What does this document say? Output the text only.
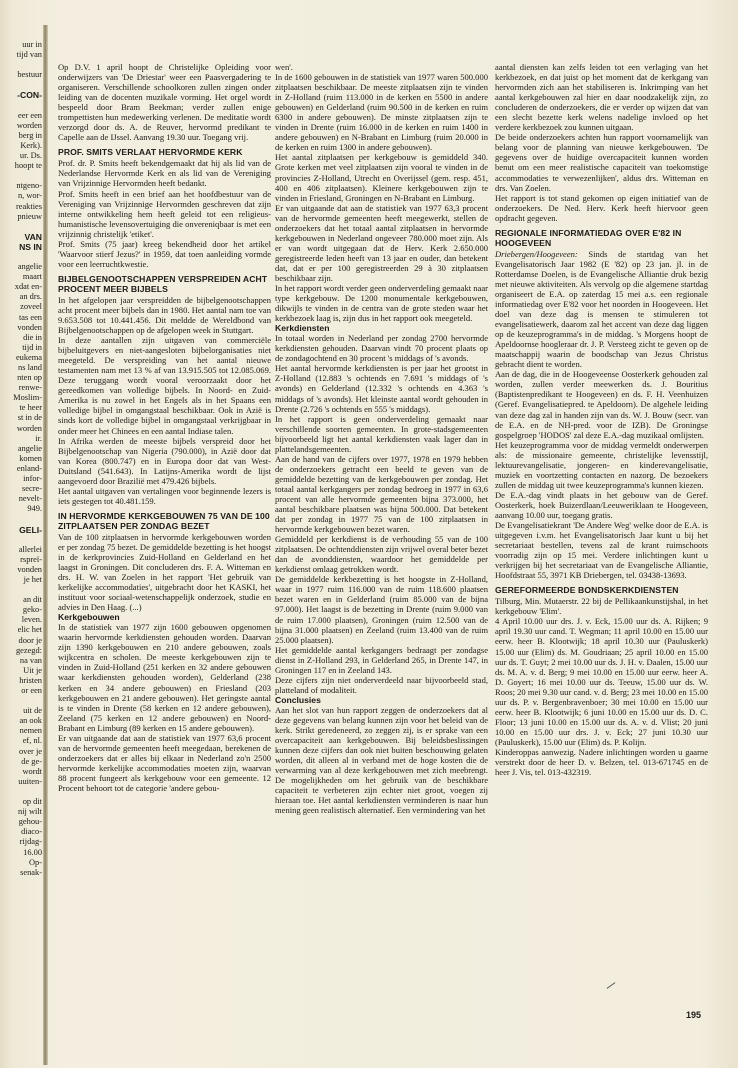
uur in
tijd van
bestuur
-CON-
eer een
worden
berg in
Kerk).
ur. Ds.
hoopt te
ntgeno-
n, wor-
reakties
pnieuw
VAN
NS IN
angelie
maart
xdat en-
an drs.
zoveel
tas een
vonden
die in
tijd in
eukema
ns land
nten op
renwe-
Moslim-
te heer
st in de
worden
ir.
angelie
komen
enland-
infor-
secre-
nevelt-
949.
GELI-
allerlei
rspreï-
vonden
je het
an dit
geko-
leven.
elic het
door je
gezegd:
na van
Uit je
hristen
or een
uit de
an ook
nemen
ef, nl.
over je
de ge-
wordt
uuiten-
op dit
nij wilt
gehou-
diaco-
rijdag-
16.00
Op-
senak-

Op D.V. 1 april hoopt de Christelijke Opleiding voor onderwijzers van 'De Driestar' weer een Paasvergadering te organiseren. Verschillende schoolkoren zullen zingen onder leiding van de docenten muzikale vorming. Het orgel wordt bespeeld door Bram Beekman; verder zullen enige trompettisten hun medewerking verlenen. De meditatie wordt verzorgd door ds. A. de Reuver, hervormd predikant te Capelle aan de IJssel. Aanvang 19.30 uur. Toegang vrij.

PROF. SMITS VERLAAT HERVORMDE KERK

Prof. dr. P. Smits heeft bekendgemaakt dat hij als lid van de Nederlandse Hervormde Kerk en als lid van de Vereniging van Vrijzinnige Hervormden heeft bedankt.

Prof. Smits heeft in een brief aan het hoofdbestuur van de Vereniging van Vrijzinnige Hervormden geschreven dat zijn interne ontwikkeling hem heeft geleid tot een religieus-humanistische levensovertuiging die onvereniqbaar is met een vrijzinnig christelijk 'etiket'.

Prof. Smits (75 jaar) kreeg bekendheid door het artikel 'Waarvoor stierf Jezus?' in 1959, dat toen aanleiding vormde voor een leerruchtkwestie.

BIJBELGENOOTSCHAPPEN VERSPREIDEN ACHT PROCENT MEER BIJBELS

In het afgelopen jaar verspreidden de bijbelgenootschappen acht procent meer bijbels dan in 1980. Het aantal nam toe van 9.653.508 tot 10.441.456. Dit meldde de Wereldbond van Bijbelgenootschappen op de afgelopen week in Stuttgart.

In deze aantallen zijn uitgaven van commerciële bijbeluitgevers en niet-aangesloten bijbelorganisaties niet meegeteld. De verspreiding van het aantal nieuwe testamenten nam met 13 % af van 13.915.505 tot 12.085.069. Deze teruggang wordt vooral veroorzaakt door het gereedkomen van volledige bijbels. In Noord- en Zuid-Amerika is nu zowel in het Engels als in het Spaans een volledige bijbel in omgangstaal beschikbaar. Ook in Azië is sinds kort de volledige bijbel in omgangstaal verkrijgbaar in onder meer het Chinees en een aantal Indiase talen.

In Afrika werden de meeste bijbels verspreid door het Bijbelgenootschap van Nigeria (790.000), in Azië door dat van Korea (800.747) en in Europa door dat van West-Duitsland (541.643). In Latijns-Amerika wordt de lijst aangevoerd door Brazilië met 479.426 bijbels.

Het aantal uitgaven van vertalingen voor beginnende lezers is iets gestegen tot 40.481.159.

IN HERVORMDE KERKGEBOUWEN 75 VAN DE 100 ZITPLAATSEN PER ZONDAG BEZET

Van de 100 zitplaatsen in hervormde kerkgebouwen worden er per zondag 75 bezet. De gemiddelde bezetting is het hoogst in de kerkprovincies Zuid-Holland en Gelderland en het laagst in Groningen. Dit concluderen drs. F. A. Witteman en drs. H. W. van Zoelen in het rapport 'Het gebruik van kerkelijke accommodaties', uitgebracht door het KASKI, het instituut voor sociaal-wetenschappelijk onderzoek, studie en advies in Den Haag. (...)

Kerkgebouwen

In de statistiek van 1977 zijn 1600 gebouwen opgenomen waarin hervormde kerkdiensten gehouden worden. Daarvan zijn 1390 kerkgebouwen en 210 andere gebouwen, zoals wijkcentra en scholen. De meeste kerkgebouwen zijn te vinden in Zuid-Holland (251 kerken en 32 andere gebouwen waar kerkdiensten gehouden worden), Gelderland (238 kerken en 34 andere gebouwen) en Friesland (203 kerkgebouwen en 21 andere gebouwen). Het geringste aantal is te vinden in Drente (58 kerken en 12 andere gebouwen), Zeeland (75 kerken en 12 andere gebouwen) en Noord-Brabant en Limburg (89 kerken en 15 andere gebouwen).

Er van uitgaande dat aan de statistiek van 1977 63,6 procent van de hervormde gemeenten heeft meegedaan, berekenen de onderzoekers dat er alles bij elkaar in Nederland zo'n 2500 hervormde kerkelijke accommodaties moeten zijn, waarvan 88 procent fungeert als kerkgebouw voor een gemeente. 12 Procent behoort tot de categorie 'andere gebou-

wen'.

In de 1600 gebouwen in de statistiek van 1977 waren 500.000 zitplaatsen beschikbaar. De meeste zitplaatsen zijn te vinden in Z-Holland (ruim 113.000 in de kerken en 5500 in andere gebouwen) en Gelderland (ruim 90.500 in de kerken en ruim 6300 in andere gebouwen). De minste zitplaatsen zijn te vinden in Drente (ruim 16.000 in de kerken en ruim 1400 in andere gebouwen) en N-Brabant en Limburg (ruim 20.000 in de kerken en ruim 1300 in andere gebouwen).

Het aantal zitplaatsen per kerkgebouw is gemiddeld 340. Grote kerken met veel zitplaatsen zijn vooral te vinden in de provincies Z-Holland, Utrecht en Overijssel (gem. resp. 451, 400 en 406 zitplaatsen). Kleinere kerkgebouwen zijn te vinden in Friesland, Groningen en N-Brabant en Limburg.

Er van uitgaande dat aan de statistiek van 1977 63,3 procent van de hervormde gemeenten heeft meegewerkt, stellen de onderzoekers dat het totaal aantal zitplaatsen in hervormde kerkgebouwen in Nederland ongeveer 780.000 moet zijn. Als er van wordt uitgegaan dat de Herv. Kerk 2.650.000 geregistreerde leden heeft van 13 jaar en ouder, dan betekent dat, dat er per 100 geregistreerden 29 à 30 zitplaatsen beschikbaar zijn.

In het rapport wordt verder geen onderverdeling gemaakt naar type kerkgebouw. De 1200 monumentale kerkgebouwen, dikwijls te vinden in de centra van de grote steden waar het kerkbezoek laag is, zijn dus in het rapport ook meegeteld.

Kerkdiensten

In totaal worden in Nederland per zondag 2700 hervormde kerkdiensten gehouden. Daarvan vindt 70 procent plaats op de zondagochtend en 30 procent 's middags of 's avonds.

Het aantal hervormde kerkdiensten is per jaar het grootst in Z-Holland (12.883 's ochtends en 7.691 's middags of 's avonds) en Gelderland (12.332 's ochtends en 4.363 's middags of 's avonds). Het kleinste aantal wordt gehouden in Drente (2.726 's ochtends en 555 's middags).

In het rapport is geen onderverdeling gemaakt naar verschillende soorten gemeenten. In grote-stadsgemeenten bijvoorbeeld ligt het aantal kerkdiensten vaak lager dan in plattelandsgemeenten.

Aan de hand van de cijfers over 1977, 1978 en 1979 hebben de onderzoekers getracht een beeld te geven van de gemiddelde bezetting van de kerkgebouwen per zondag. Het totaal aantal kerkgangers per zondag bedroeg in 1977 in 63,6 procent van alle hervormde gemeenten bijna 373.000, het aantal beschikbare plaatsen was bijna 500.000. Dat betekent dat per zondag in 1977 75 van de 100 zitplaatsen in hervormde kerkgebouwen bezet waren.

Gemiddeld per kerkdienst is de verhouding 55 van de 100 zitplaatsen. De ochtenddiensten zijn vrijwel overal beter bezet dan de avonddiensten, waardoor het gemiddelde per kerkdienst omlaag getrokken wordt.

De gemiddelde kerkbezetting is het hoogste in Z-Holland, waar in 1977 ruim 116.000 van de ruim 118.600 plaatsen bezet waren en in Gelderland (ruim 85.000 van de bijna 97.000). Het laagst is de bezetting in Drente (ruim 9.000 van de ruim 17.000 plaatsen), Groningen (ruim 12.500 van de bijna 31.000 plaatsen) en Zeeland (ruim 13.400 van de ruim 25.000 plaatsen).

Het gemiddelde aantal kerkgangers bedraagt per zondagse dienst in Z-Holland 293, in Gelderland 265, in Drente 147, in Groningen 117 en in Zeeland 143.

Deze cijfers zijn niet onderverdeeld naar bijvoorbeeld stad, platteland of modaliteit.

Conclusies

Aan het slot van hun rapport zeggen de onderzoekers dat al deze gegevens van belang kunnen zijn voor het beleid van de kerk. Strikt geredeneerd, zo zeggen zij, is er sprake van een overcapaciteit aan kerkgebouwen. Bij beleidsbeslissingen kunnen deze cijfers dan ook niet buiten beschouwing gelaten worden, dit alleen al in verband met de hoge kosten die de verwarming van al deze kerkgebouwen met zich meebrengt. De mogelijkheden om het gebruik van de beschikbare capaciteit te verbeteren zijn echter niet groot, voegen zij hieraan toe. Het aantal kerkdiensten verminderen is naar hun mening geen realistisch alternatief. Een vermindering van het

aantal diensten kan zelfs leiden tot een verlaging van het kerkbezoek, en dat juist op het moment dat de kerkgang van hervormden zich aan het stabiliseren is. Inkrimping van het aantal kerkgebouwen zal hier en daar noodzakelijk zijn, zo concluderen de onderzoekers, die er verder op wijzen dat van een slecht bezette kerk welens nadelige invloed op het verdere kerkbezoek zou kunnen uitgaan.

De beide onderzoekers achten hun rapport voornamelijk van belang voor de planning van nieuwe kerkgebouwen. 'De gegevens over de huidige overcapaciteit kunnen worden benut om een meer realistische capaciteit van toekomstige accommodaties te verwezenlijken', aldus drs. Witteman en drs. Van Zoelen.

Het rapport is tot stand gekomen op eigen initiatief van de onderzoekers. De Ned. Herv. Kerk heeft hiervoor geen opdracht gegeven.

REGIONALE INFORMATIEDAG OVER E'82 IN HOOGEVEEN

Driebergen/Hoogeveen: Sinds de startdag van het Evangelisatorisch Jaar 1982 (E '82) op 23 jan. jl. in de Rotterdamse Doelen, is de Evangelische Alliantie druk bezig met nieuwe aktiviteiten. Als vervolg op die algemene startdag organiseert de E.A. op zaterdag 15 mei a.s. een regionale informatiedag over E'82 voor het noorden in Hoogeveen. Het doel van deze dag is mensen te stimuleren tot evangelisatiewerk, daarom zal het accent van deze dag liggen op de keuzeprogramma's in de middag. 's Morgens hoopt de Apeldoornse hoogleraar dr. J. P. Versteeg zicht te geven op de maatschappij waarin de boodschap van Jezus Christus gebracht dient te worden.

Aan de dag, die in de Hoogeveense Oosterkerk gehouden zal worden, zullen verder meewerken ds. J. Bouritius (Baptistenpredikant te Hoogeveen) en ds. F. H. Veenhuizen (Geref. Evangelisatiepred. te Apeldoorn). De algehele leiding van deze dag zal in handen zijn van ds. W. J. Bouw (secr. van de E.A. en de NH-pred. voor de IZB). De Groningse gospelgroep 'HODOS' zal deze E.A.-dag muzikaal omlijsten.

Het keuzeprogramma voor de middag vermeldt onderwerpen als: de missionaire gemeente, christelijke levensstijl, lektuurevangelisatie, jongeren- en kinderevangelisatie, muziek en voortzetting contacten en nazorg. De bezoekers zullen de middag uit twee keuzeprogramma's kunnen kiezen.

De E.A.-dag vindt plaats in het gebouw van de Geref. Oosterkerk, hoek Buizerdlaan/Leeuweriklaan te Hoogeveen, aanvang 10.00 uur, toegang gratis.

De Evangelisatiekrant 'De Andere Weg' welke door de E.A. is uitgegeven i.v.m. het Evangelisatorisch Jaar kunt u bij het secretariaat bestellen, tevens zal de krant ruimschoots voorradig zijn op 15 mei. Verdere inlichtingen kunt u verkrijgen bij het secretariaat van de Evangelische Alliantie, Hoofdstraat 55, 3971 KB Driebergen, tel. 03438-13693.

GEREFORMEERDE BONDSKERKDIENSTEN

Tilburg, Min. Mutaerstr. 22 bij de Pellikaankunstijshal, in het kerkgebouw 'Elim'.

4 April 10.00 uur drs. J. v. Eck, 15.00 uur ds. A. Rijken; 9 april 19.30 uur cand. T. Wegman; 11 april 10.00 en 15.00 uur eerw. heer B. Klootwijk; 18 april 10.30 uur (Pauluskerk) 15.00 uur (Elim) ds. M. Goudriaan; 25 april 10.00 en 15.00 uur ds. T. Guyt; 2 mei 10.00 uur ds. J. H. v. Daalen, 15.00 uur ds. M. A. v. d. Berg; 9 mei 10.00 en 15.00 uur eerw. heer A. D. Goyert; 16 mei 10.00 uur ds. Teeuw, 15.00 uur ds. W. Roos; 20 mei 9.30 uur cand. v. d. Berg; 23 mei 10.00 en 15.00 uur ds. P. v. Bergenbravenboer; 30 mei 10.00 en 15.00 uur eerw. heer B. Klootwijk; 6 juni 10.00 en 15.00 uur ds. D. C. Floor; 13 juni 10.00 en 15.00 uur ds. A. v. d. Vlist; 20 juni 10.00 en 15.00 uur drs. J. v. Eck; 27 juni 10.30 uur (Pauluskerk), 15.00 uur (Elim) ds. P. Kolijn.

Kinderoppas aanwezig. Nadere inlichtingen worden u gaarne verstrekt door de heer D. v. Belzen, tel. 013-671745 en de heer J. Vis, tel. 013-432319.

195
